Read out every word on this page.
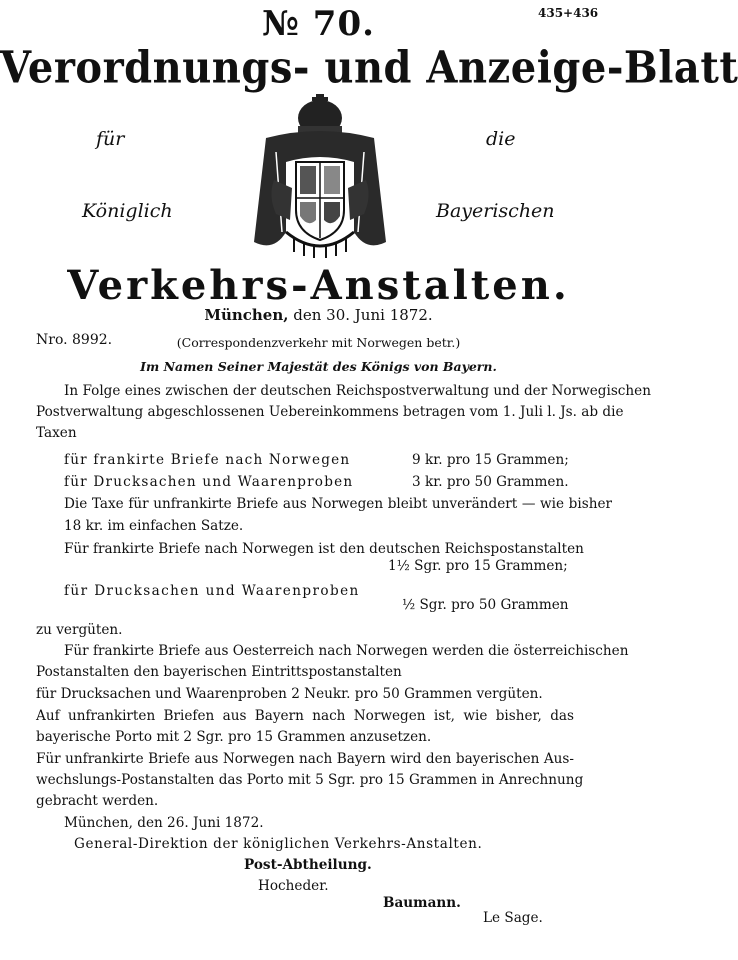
№ 70.	435+436
Verordnungs- und Anzeige-Blatt
für	die
Königlich	Bayerischen
Verkehrs-Anstalten.
München, den 30. Juni 1872.
Nro. 8992.	(Correspondenzverkehr mit Norwegen betr.)
Im Namen Seiner Majestät des Königs von Bayern.
In Folge eines zwischen der deutschen Reichspostverwaltung und der Norwegischen
Postverwaltung abgeschlossenen Uebereinkommens betragen vom 1. Juli l. Js. ab die
Taxen
für frankirte Briefe nach Norwegen	9 kr. pro 15 Grammen;
für Drucksachen und Waarenproben	3 kr. pro 50 Grammen.
Die Taxe für unfrankirte Briefe aus Norwegen bleibt unverändert — wie bisher
18 kr. im einfachen Satze.
Für frankirte Briefe nach Norwegen ist den deutschen Reichspostanstalten
1½ Sgr. pro 15 Grammen;
für Drucksachen und Waarenproben
½ Sgr. pro 50 Grammen
zu vergüten.
Für frankirte Briefe aus Oesterreich nach Norwegen werden die österreichischen
Postanstalten den bayerischen Eintrittspostanstalten
für Drucksachen und Waarenproben 2 Neukr. pro 50 Grammen vergüten.
Auf unfrankirten Briefen aus Bayern nach Norwegen ist, wie bisher, das
bayerische Porto mit 2 Sgr. pro 15 Grammen anzusetzen.
Für unfrankirte Briefe aus Norwegen nach Bayern wird den bayerischen Aus-
wechslungs-Postanstalten das Porto mit 5 Sgr. pro 15 Grammen in Anrechnung
gebracht werden.
München, den 26. Juni 1872.
General-Direktion der königlichen Verkehrs-Anstalten.
Post-Abtheilung.
Hocheder.
Baumann.
Le Sage.
